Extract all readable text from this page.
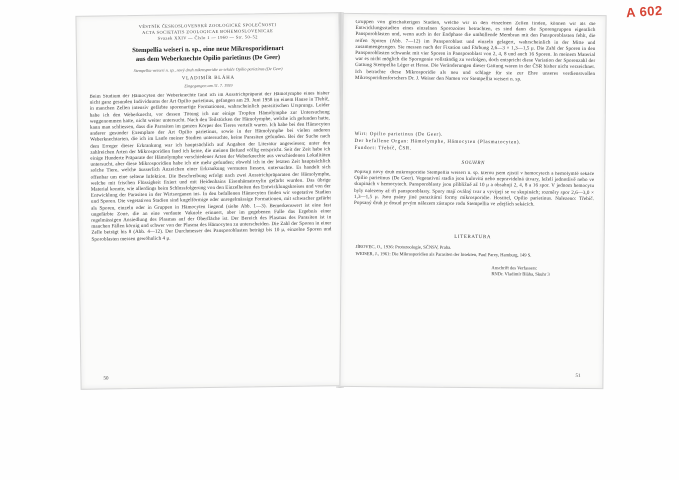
A 602
VĚSTNÍK ČESKOSLOVENSKÉ ZOOLOGICKÉ SPOLEČNOSTI
ACTA SOCIETATIS ZOOLOGICAE BOHEMOSLOVENICAE
Svazek XXIV — Číslo 1 — 1960 — Str. 50–52
Stempellia weiseri n. sp., eine neue Mikrosporidienart
aus dem Weberknechte Opilio parietinus (De Geer)
Stempellia weiseri n. sp., nový druh mikrosporidie ze sekáče Opilio parietinus (De Geer)
VLADIMÍR BLÁHA
Eingegangen am 31. 7. 1959
Beim Studium der Hämocyten der Weberknechte fand ich im Ausstrichpräparat der Hämolymphe eines bisher nicht ganz gesunden Individuums der Art Opilio parietinus, gefangen am 29. Juni 1958 im einem Hause in Třebíč, in manchen Zellen intensiv gefärbte sporenartige Formationen, wahrscheinlich parasitischen Ursprungs. Leider habe ich den Weberknecht, vor dessen Tötung ich nur einige Tropfen Hämolymphe zur Untersuchung weggenommen hatte, nicht weiter untersucht. Nach den Teilstücken der Hämolymphe, welche ich gefunden hatte, kann man schliessen, dass die Parasiten im ganzen Körper des Tieres verteilt waren. Ich habe bei den Hämocyten anderer gesunder Exemplare der Art Opilio parietinus, sowie in der Hämolymphe bei vielen anderen Weberknechtarten, die ich im Laufe meiner Studien untersuchte, keine Parasiten gefunden. Bei der Suche nach dem Erreger dieser Erkrankung war ich hauptsächlich auf Angaben der Literatur angewiesen; unter den zahlreichen Arten der Mikrosporidien fand ich keine, die meinen Befund völlig entspricht. Seit der Zeit habe ich einige Hunderte Präparate der Hämolymphe verschiedener Arten der Weberknechte aus verschiedenen Lokalitäten untersucht, aber diese Mikrosporidien habe ich nie mehr gefunden; obwohl ich in der letzten Zeit hauptsächlich solche Tiere, welche äusserlich Anzeichen einer Erkrankung vermuten liessen, untersuchte. Es handelt sich offenbar um eine seltene Infektion. Die Beschreibung erfolgt nach zwei Ausstrichpräparaten der Hämolymphe, welche mit frischen Flüssigkeit fixiert und mit Heidenhains Eisenhämatoxylin gefärbt wurden. Das übrige Material konnte, wie allerdings beim Schlussfolgerung von den Einzelheiten des Entwicklungskreises und von der Entwicklung der Parasiten in der Wirtsorganen ins. In den befallenen Hämocyten finden wir vegetative Stadien und Sporen. Die vegetativen Stadien sind kugelförmige oder unregelmässige Formationen, mit schwacher gefärbt als Sporen, einzeln oder in Gruppen in Hämocyten liegend (siehe Abb. 1—3). Bemerkenswert ist eine fast ungefärbte Zone, die an eine verdaute Vakuole erinnert, aber im gegebenen Falle das Ergebnis einer regelmässigen Ansiedlung des Plasmas auf der Oberfläche ist. Der Bereich des Plasmas des Parasiten ist in manchen Fällen körnig und schwer von der Plasma des Hämocyten zu unterscheiden. Die Zahl der Sporen in einer Zelle beträgt bis 8 (Abb. 4—12). Der Durchmesser des Pansporoblasten beträgt bis 10 μ, einzelne Sporen und Sporoblasten messen gewöhnlich 4 μ.
50
Gruppen von gleichalterigen Stadien, welche wir in den einzelnen Zellen finden, können wir als die Entwicklungsstadien eines einzelnen Sporozoites betrachten, es sind dann die Sporengruppen eigentlich Pansporoblasten und, wenn auch in der Endphase die umhüllende Membran mit den Pansporoblasten fehlt, die reifen Sporen (Abb. 7—12) im Pansporoblast und einzeln gelagert, wahrscheinlich in der Mitte und zusammengezogen. Sie messen nach der Fixation und Färbung 2,6—3 × 1,3—1,5 μ. Die Zahl der Sporen in den Pansporoblasten schwankt mit vier Sporen in Pansporoblast von 2, 4, 8 und auch 16 Sporen. In meinem Material war es nicht möglich die Sporogonie vollständig zu verfolgen, doch entspricht diese Variation der Sporenzahl der Gattung Stempellia Léger et Hesse. Die Veränderungen dieser Gattung waren in der ČSR bisher nicht verzeichnet. Ich betrachte diese Mikrosporidie als neu und schlage für sie zur Ehre unseres verdienstvollen Mikrosporidienforschers Dr. J. Weiser den Namen vor Stempellia weiseri n. sp.
Wirt: Opilio parietinus (De Geer).
Der befallene Organ: Hämolymphe, Hämocyten (Plasmatocyten).
Fundort: Třebíč, ČSR.
SOUHRN
Popisuji nový druh mikrosporidie Stempellia weiseri n. sp. kterou jsem zjistil v hemocytech a hemolymfě sekáče Opilio parietinus (De Geer). Vegetativní stadia jsou kulovitá nebo nepravidelná útvary, leželí jednotlivě nebo ve skupinách v hemocytech. Pansporoblasty jsou přibližně až 10 μ a obsahují 2, 4, 8 a 16 spor. V jednom hemocytu byly nalezeny až tři pansporoblasty. Spory mají oválný tvar a vyvíjejí se ve skupinách; rozměry spor 2,6—3,0 × 1,3—1,5 μ. Jsou psány jiné parazitární formy mikrosporidie. Hostitel, Opilio parietinus. Nalezeno: Třebíč. Popsaný druh je dosud prvým nálezem zástupce rodu Stempellia ve zdejších sekácích.
LITERATURA
JÍROVEC, O., 1936: Protozoologie, SČNSV, Praha.
WEISER, J., 1961: Die Mikrosporidien als Parasiten der Insekten, Paul Parey, Hamburg, 149 S.
Anschrift des Verfassers:
RNDr. Vladimír Bláha, Skuhr 3
51
